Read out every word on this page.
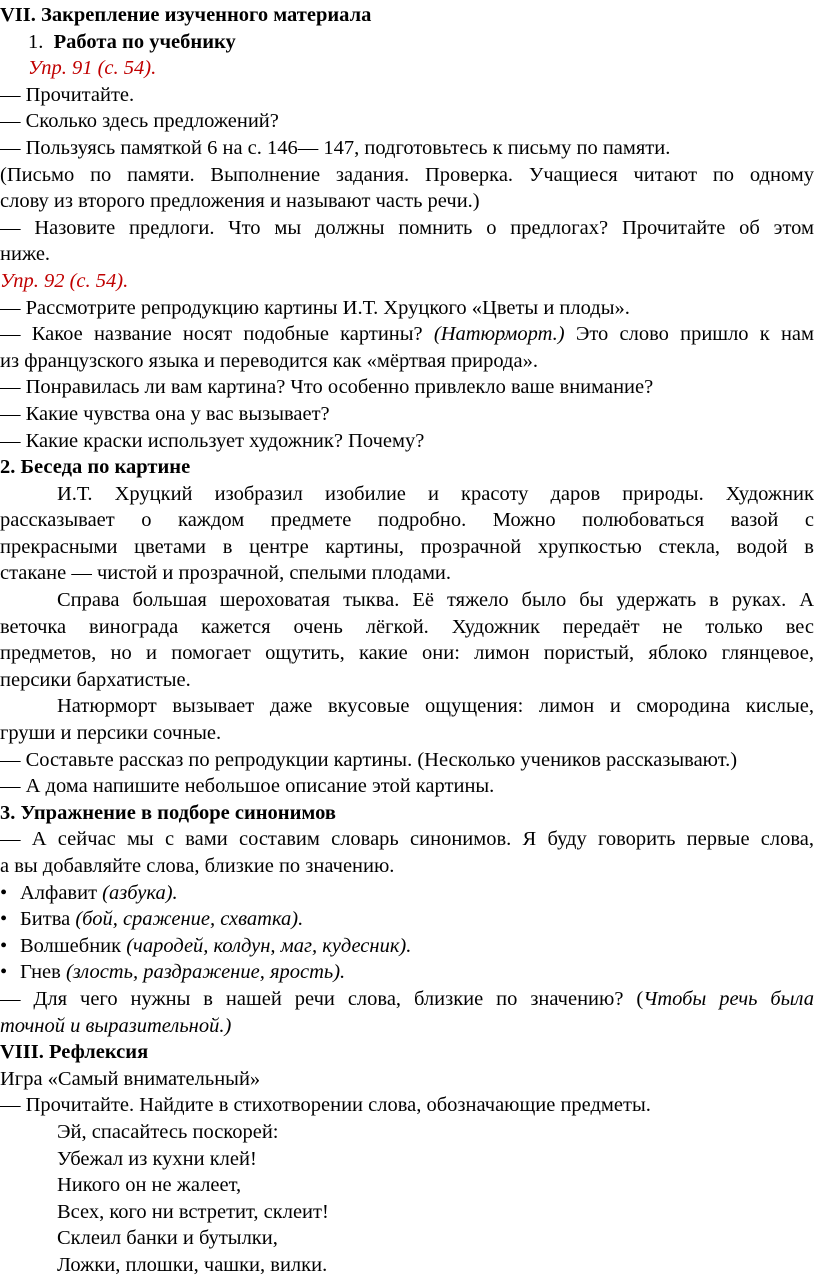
VII. Закрепление изученного материала
1. Работа по учебнику
Упр. 91 (с. 54).
— Прочитайте.
— Сколько здесь предложений?
— Пользуясь памяткой 6 на с. 146— 147, подготовьтесь к письму по памяти.
(Письмо по памяти. Выполнение задания. Проверка. Учащиеся читают по одному
слову из второго предложения и называют часть речи.)
— Назовите предлоги. Что мы должны помнить о предлогах? Прочитайте об этом
ниже.
Упр. 92 (с. 54).
— Рассмотрите репродукцию картины И.Т. Хруцкого «Цветы и плоды».
— Какое название носят подобные картины? (Натюрморт.) Это слово пришло к нам
из французского языка и переводится как «мёртвая природа».
— Понравилась ли вам картина? Что особенно привлекло ваше внимание?
— Какие чувства она у вас вызывает?
— Какие краски использует художник? Почему?
2. Беседа по картине
И.Т. Хруцкий изобразил изобилие и красоту даров природы. Художник
рассказывает о каждом предмете подробно. Можно полюбоваться вазой с
прекрасными цветами в центре картины, прозрачной хрупкостью стекла, водой в
стакане — чистой и прозрачной, спелыми плодами.
Справа большая шероховатая тыква. Её тяжело было бы удержать в руках. А
веточка винограда кажется очень лёгкой. Художник передаёт не только вес
предметов, но и помогает ощутить, какие они: лимон пористый, яблоко глянцевое,
персики бархатистые.
Натюрморт вызывает даже вкусовые ощущения: лимон и смородина кислые,
груши и персики сочные.
— Составьте рассказ по репродукции картины. (Несколько учеников рассказывают.)
— А дома напишите небольшое описание этой картины.
3. Упражнение в подборе синонимов
— А сейчас мы с вами составим словарь синонимов. Я буду говорить первые слова,
а вы добавляйте слова, близкие по значению.
• Алфавит (азбука).
• Битва (бой, сражение, схватка).
• Волшебник (чародей, колдун, маг, кудесник).
• Гнев (злость, раздражение, ярость).
— Для чего нужны в нашей речи слова, близкие по значению? (Чтобы речь была
точной и выразительной.)
VIII. Рефлексия
Игра «Самый внимательный»
— Прочитайте. Найдите в стихотворении слова, обозначающие предметы.
Эй, спасайтесь поскорей:
Убежал из кухни клей!
Никого он не жалеет,
Всех, кого ни встретит, склеит!
Склеил банки и бутылки,
Ложки, плошки, чашки, вилки.
